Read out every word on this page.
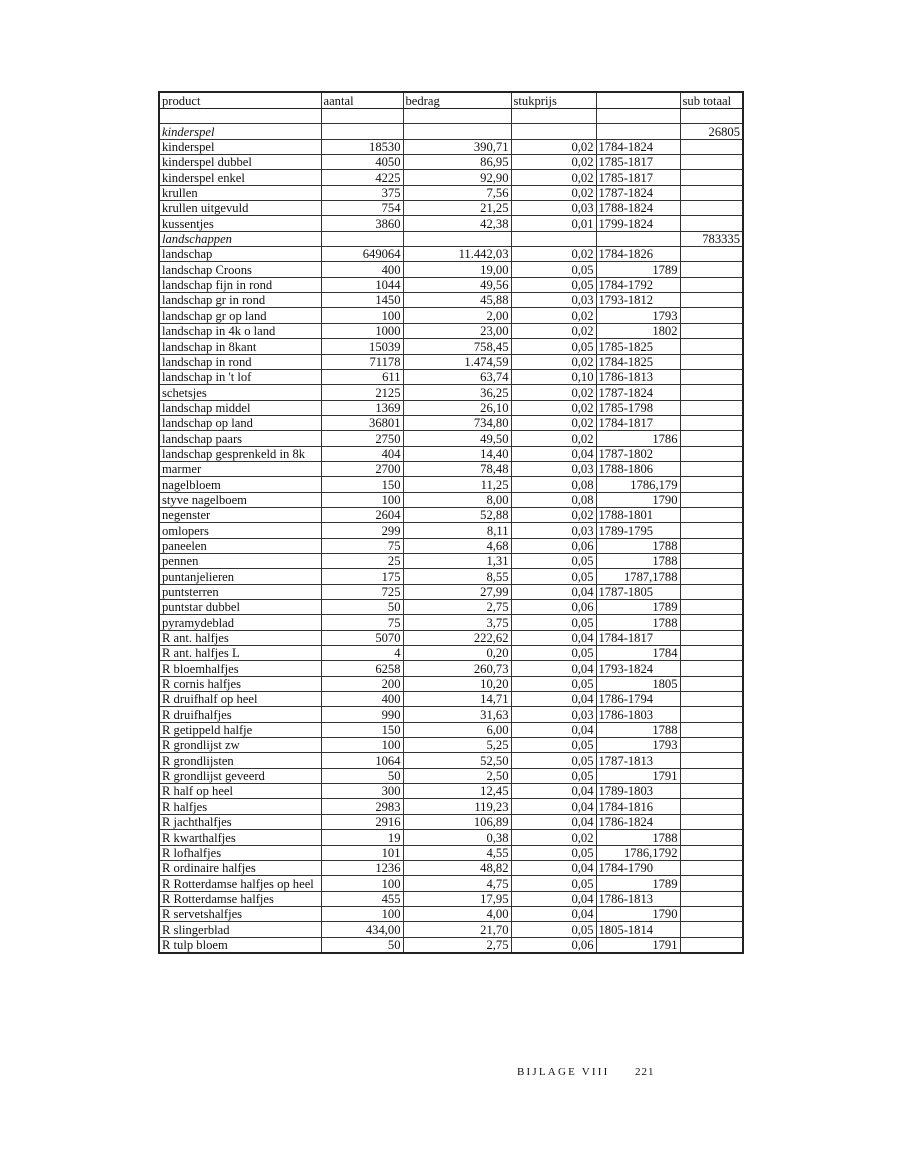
product	aantal	bedrag	stukprijs		sub totaal

kinderspel					26805
kinderspel	18530	390,71	0,02	1784-1824	
kinderspel dubbel	4050	86,95	0,02	1785-1817	
kinderspel enkel	4225	92,90	0,02	1785-1817	
krullen	375	7,56	0,02	1787-1824	
krullen uitgevuld	754	21,25	0,03	1788-1824	
kussentjes	3860	42,38	0,01	1799-1824	
landschappen					783335
landschap	649064	11.442,03	0,02	1784-1826	
landschap Croons	400	19,00	0,05	1789	
landschap fijn in rond	1044	49,56	0,05	1784-1792	
landschap gr in rond	1450	45,88	0,03	1793-1812	
landschap gr op land	100	2,00	0,02	1793	
landschap in 4k o land	1000	23,00	0,02	1802	
landschap in 8kant	15039	758,45	0,05	1785-1825	
landschap in rond	71178	1.474,59	0,02	1784-1825	
landschap in 't lof	611	63,74	0,10	1786-1813	
schetsjes	2125	36,25	0,02	1787-1824	
landschap middel	1369	26,10	0,02	1785-1798	
landschap op land	36801	734,80	0,02	1784-1817	
landschap paars	2750	49,50	0,02	1786	
landschap gesprenkeld in 8k	404	14,40	0,04	1787-1802	
marmer	2700	78,48	0,03	1788-1806	
nagelbloem	150	11,25	0,08	1786,179	
styve nagelboem	100	8,00	0,08	1790	
negenster	2604	52,88	0,02	1788-1801	
omlopers	299	8,11	0,03	1789-1795	
paneelen	75	4,68	0,06	1788	
pennen	25	1,31	0,05	1788	
puntanjelieren	175	8,55	0,05	1787,1788	
puntsterren	725	27,99	0,04	1787-1805	
puntstar dubbel	50	2,75	0,06	1789	
pyramydeblad	75	3,75	0,05	1788	
R ant. halfjes	5070	222,62	0,04	1784-1817	
R ant. halfjes L	4	0,20	0,05	1784	
R bloemhalfjes	6258	260,73	0,04	1793-1824	
R cornis halfjes	200	10,20	0,05	1805	
R druifhalf op heel	400	14,71	0,04	1786-1794	
R druifhalfjes	990	31,63	0,03	1786-1803	
R getippeld halfje	150	6,00	0,04	1788	
R grondlijst zw	100	5,25	0,05	1793	
R grondlijsten	1064	52,50	0,05	1787-1813	
R grondlijst geveerd	50	2,50	0,05	1791	
R half op heel	300	12,45	0,04	1789-1803	
R halfjes	2983	119,23	0,04	1784-1816	
R jachthalfjes	2916	106,89	0,04	1786-1824	
R kwarthalfjes	19	0,38	0,02	1788	
R lofhalfjes	101	4,55	0,05	1786,1792	
R ordinaire halfjes	1236	48,82	0,04	1784-1790	
R Rotterdamse halfjes op heel	100	4,75	0,05	1789	
R Rotterdamse halfjes	455	17,95	0,04	1786-1813	
R servetshalfjes	100	4,00	0,04	1790	
R slingerblad	434,00	21,70	0,05	1805-1814	
R tulp bloem	50	2,75	0,06	1791	
BIJLAGE VIII 221
